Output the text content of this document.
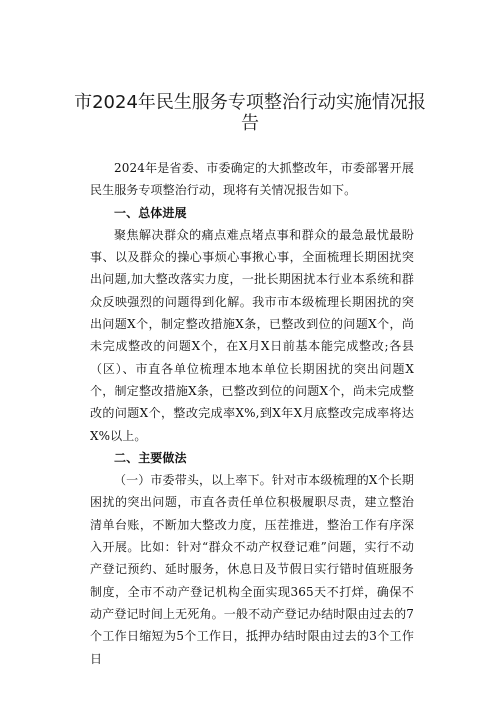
市2024年民生服务专项整治行动实施情况报告

2024年是省委、市委确定的大抓整改年，市委部署开展民生服务专项整治行动，现将有关情况报告如下。

一、总体进展

聚焦解决群众的痛点难点堵点事和群众的最急最忧最盼事、以及群众的操心事烦心事揪心事，全面梳理长期困扰突出问题,加大整改落实力度，一批长期困扰本行业本系统和群众反映强烈的问题得到化解。我市市本级梳理长期困扰的突出问题X个，制定整改措施X条，已整改到位的问题X个，尚未完成整改的问题X个，在X月X日前基本能完成整改;各县（区）、市直各单位梳理本地本单位长期困扰的突出问题X个，制定整改措施X条，已整改到位的问题X个，尚未完成整改的问题X个，整改完成率X%,到X年X月底整改完成率将达X%以上。

二、主要做法

（一）市委带头，以上率下。针对市本级梳理的X个长期困扰的突出问题，市直各责任单位积极履职尽责，建立整治清单台账，不断加大整改力度，压茬推进，整治工作有序深入开展。比如：针对“群众不动产权登记难”问题，实行不动产登记预约、延时服务，休息日及节假日实行错时值班服务制度，全市不动产登记机构全面实现365天不打烊，确保不动产登记时间上无死角。一般不动产登记办结时限由过去的7个工作日缩短为5个工作日，抵押办结时限由过去的3个工作日
